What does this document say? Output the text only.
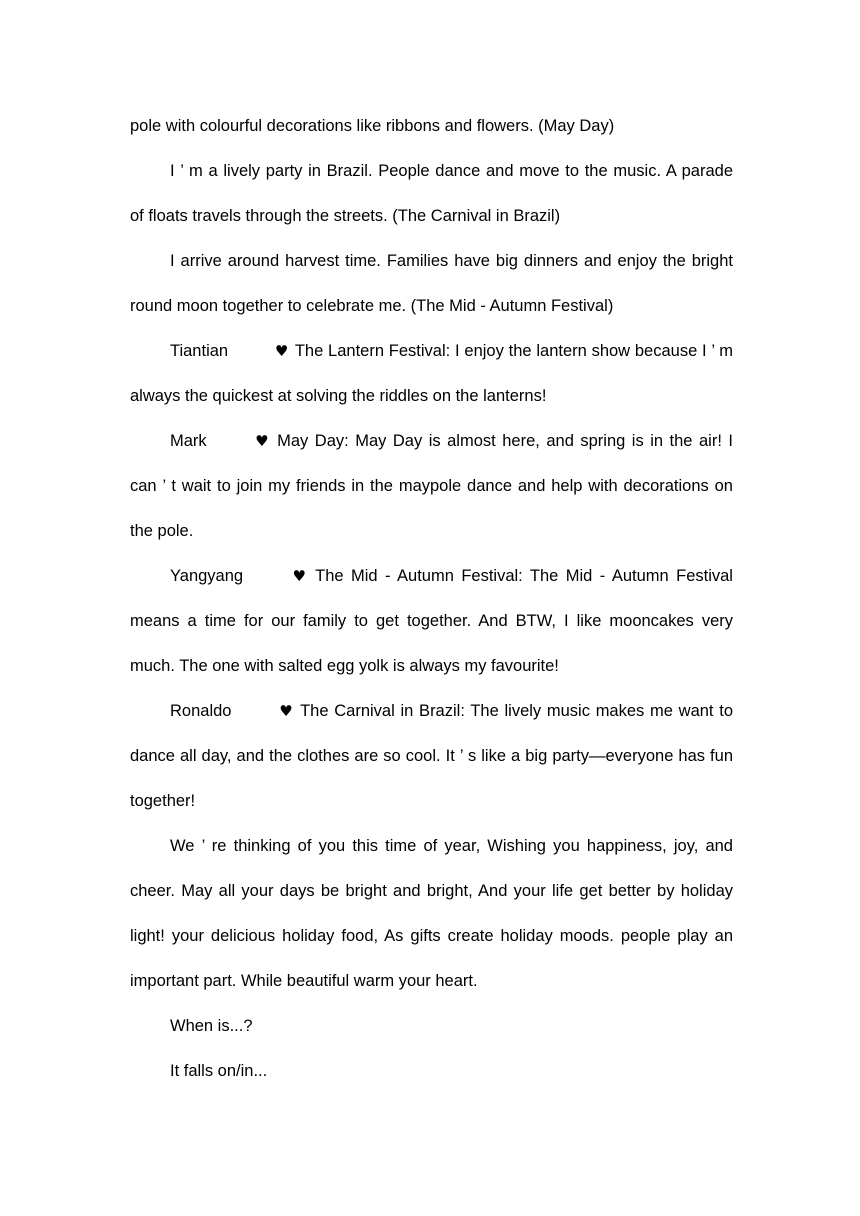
pole with colourful decorations like ribbons and flowers. (May Day)

I ’ m a lively party in Brazil. People dance and move to the music. A parade of floats travels through the streets. (The Carnival in Brazil)

I arrive around harvest time. Families have big dinners and enjoy the bright round moon together to celebrate me. (The Mid - Autumn Festival)

Tiantian	♥ The Lantern Festival: I enjoy the lantern show because I ’ m always the quickest at solving the riddles on the lanterns!

Mark	♥ May Day: May Day is almost here, and spring is in the air! I can ’ t wait to join my friends in the maypole dance and help with decorations on the pole.

Yangyang	♥ The Mid - Autumn Festival: The Mid - Autumn Festival means a time for our family to get together. And BTW, I like mooncakes very much. The one with salted egg yolk is always my favourite!

Ronaldo	♥ The Carnival in Brazil: The lively music makes me want to dance all day, and the clothes are so cool. It ’ s like a big party—everyone has fun together!

We ’ re thinking of you this time of year, Wishing you happiness, joy, and cheer. May all your days be bright and bright, And your life get better by holiday light! your delicious holiday food, As gifts create holiday moods. people play an important part. While beautiful warm your heart.

When is...?

It falls on/in...
